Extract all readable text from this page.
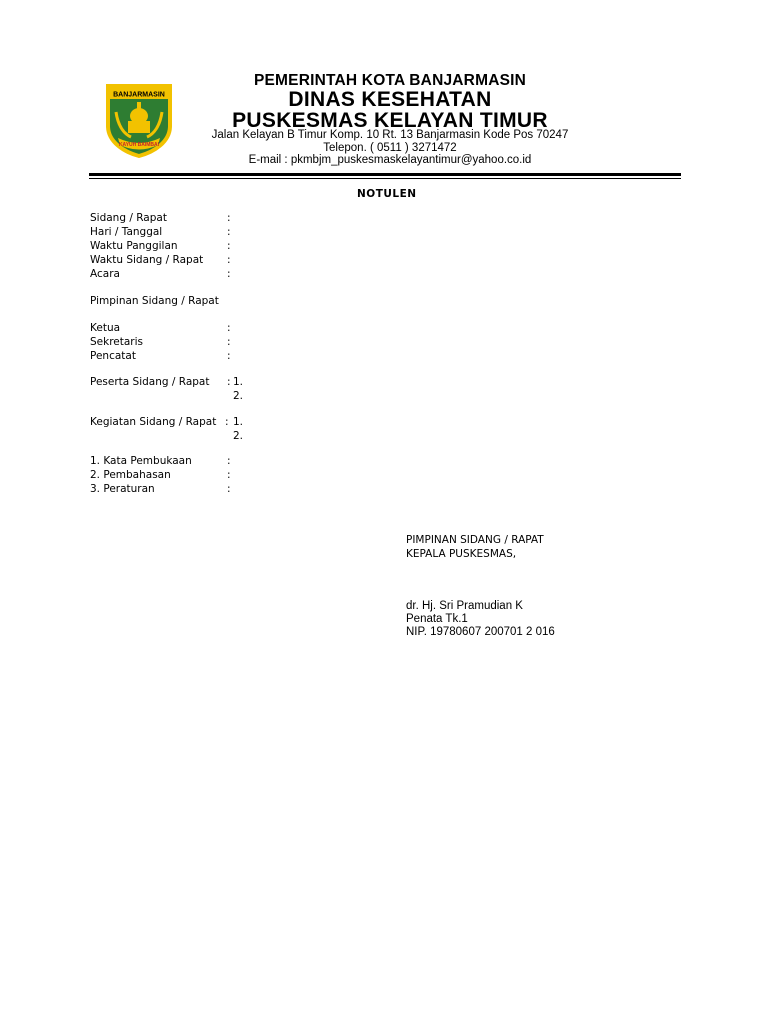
BANJARMASIN
KAYUH BAIMBAI
PEMERINTAH KOTA BANJARMASIN
DINAS KESEHATAN
PUSKESMAS KELAYAN TIMUR
Jalan Kelayan B Timur Komp. 10 Rt. 13 Banjarmasin Kode Pos 70247
Telepon. ( 0511 ) 3271472
E-mail : pkmbjm_puskesmaskelayantimur@yahoo.co.id
NOTULEN
Sidang / Rapat	:
Hari / Tanggal	:
Waktu Panggilan	:
Waktu Sidang / Rapat :
Acara	:
Pimpinan Sidang / Rapat
Ketua	:
Sekretaris	:
Pencatat	:
Peserta Sidang / Rapat : 1.
2.
Kegiatan Sidang / Rapat : 1.
2.
1. Kata Pembukaan	:
2. Pembahasan	:
3. Peraturan	:
PIMPINAN SIDANG / RAPAT
KEPALA PUSKESMAS,
dr. Hj. Sri Pramudian K
Penata Tk.1
NIP. 19780607 200701 2 016
